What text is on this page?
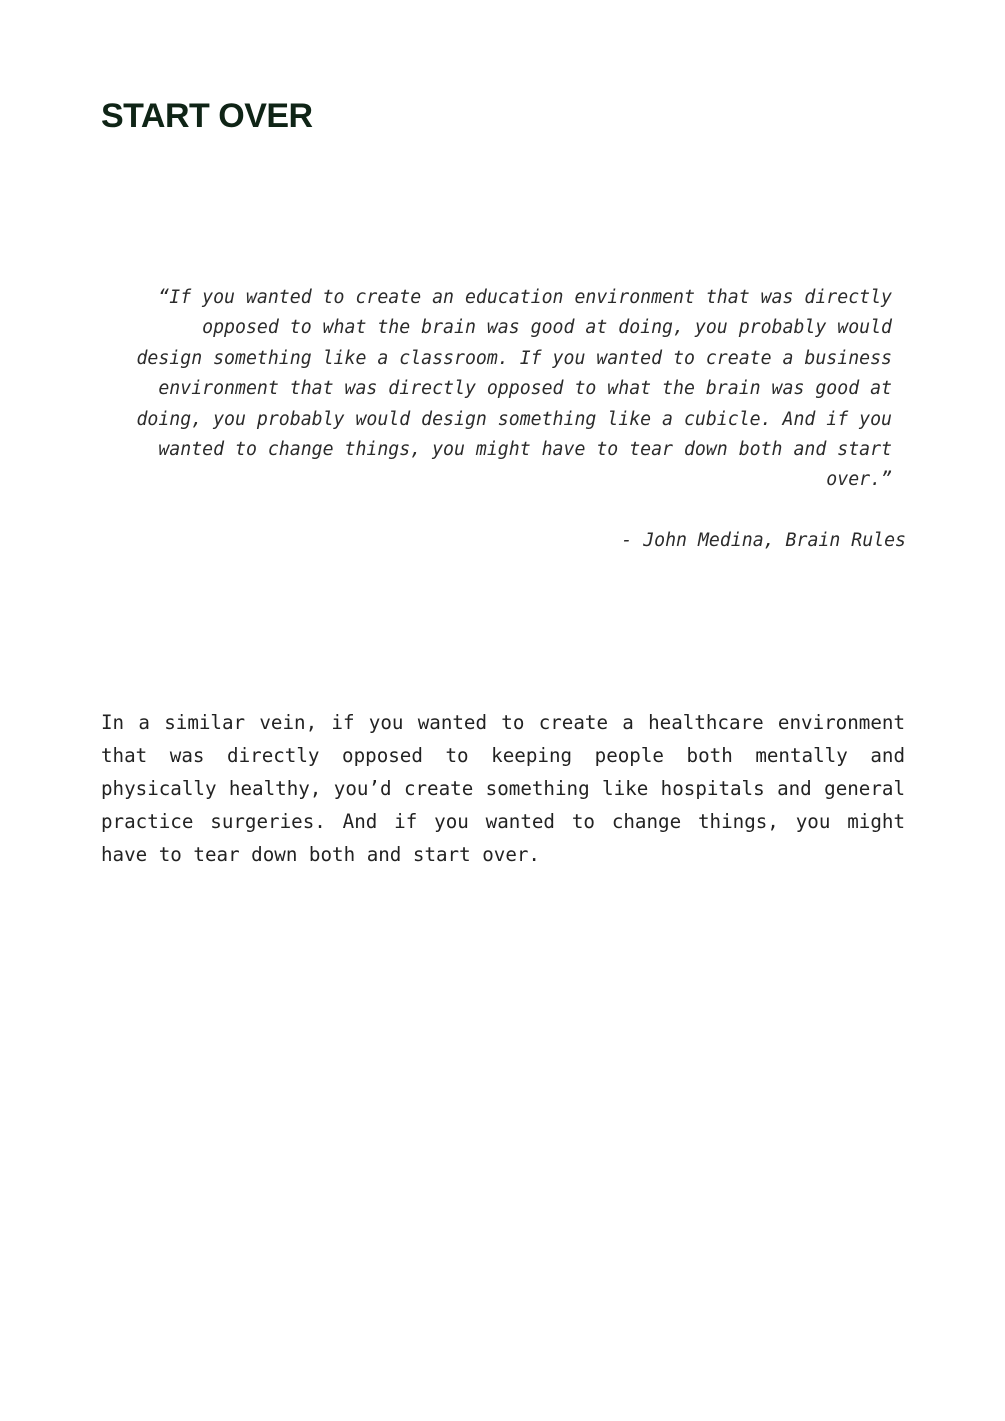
START OVER

“If you wanted to create an education environment that was directly opposed to what the brain was good at doing, you probably would design something like a classroom. If you wanted to create a business environment that was directly opposed to what the brain was good at doing, you probably would design something like a cubicle. And if you wanted to change things, you might have to tear down both and start over.”

- John Medina, Brain Rules

In a similar vein, if you wanted to create a healthcare environment that was directly opposed to keeping people both mentally and physically healthy, you’d create something like hospitals and general practice surgeries. And if you wanted to change things, you might have to tear down both and start over.
